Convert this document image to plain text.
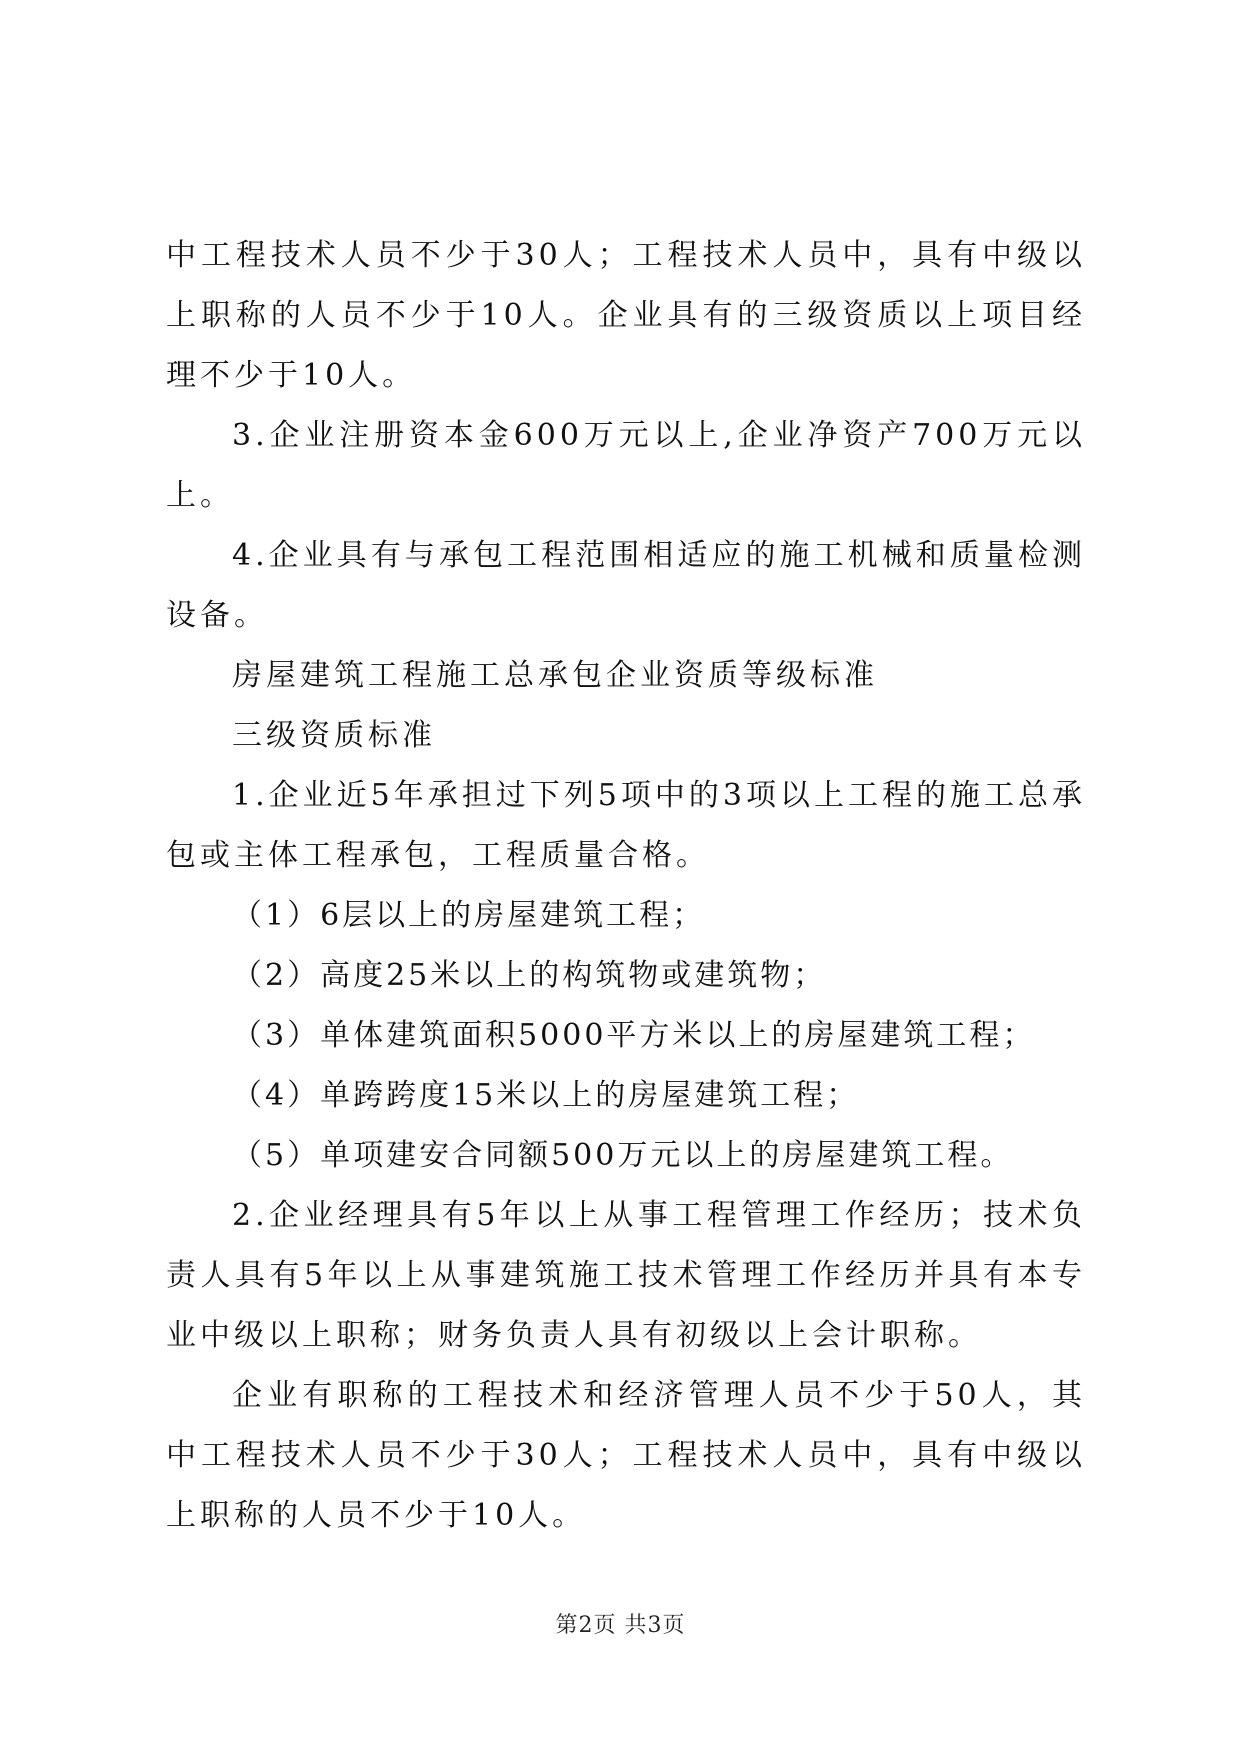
中工程技术人员不少于30人；工程技术人员中，具有中级以上职称的人员不少于10人。企业具有的三级资质以上项目经理不少于10人。

3.企业注册资本金600万元以上,企业净资产700万元以上。

4.企业具有与承包工程范围相适应的施工机械和质量检测设备。

房屋建筑工程施工总承包企业资质等级标准

三级资质标准

1.企业近5年承担过下列5项中的3项以上工程的施工总承包或主体工程承包，工程质量合格。

（1）6层以上的房屋建筑工程；

（2）高度25米以上的构筑物或建筑物；

（3）单体建筑面积5000平方米以上的房屋建筑工程；

（4）单跨跨度15米以上的房屋建筑工程；

（5）单项建安合同额500万元以上的房屋建筑工程。

2.企业经理具有5年以上从事工程管理工作经历；技术负责人具有5年以上从事建筑施工技术管理工作经历并具有本专业中级以上职称；财务负责人具有初级以上会计职称。

企业有职称的工程技术和经济管理人员不少于50人，其中工程技术人员不少于30人；工程技术人员中，具有中级以上职称的人员不少于10人。

第2页 共3页
